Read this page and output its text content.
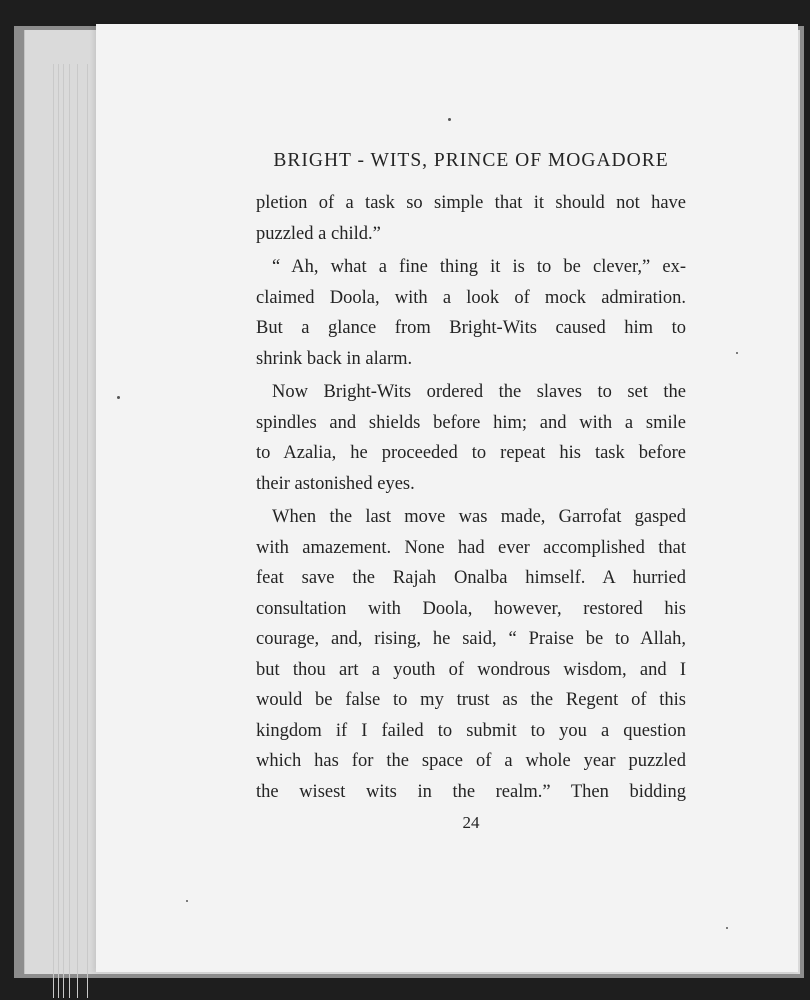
BRIGHT - WITS, PRINCE OF MOGADORE

pletion of a task so simple that it should not have

puzzled a child.”

“ Ah, what a fine thing it is to be clever,” ex-

claimed Doola, with a look of mock admiration.

But a glance from Bright-Wits caused him to

shrink back in alarm.

Now Bright-Wits ordered the slaves to set the

spindles and shields before him; and with a smile

to Azalia, he proceeded to repeat his task before

their astonished eyes.

When the last move was made, Garrofat gasped

with amazement. None had ever accomplished that

feat save the Rajah Onalba himself. A hurried

consultation with Doola, however, restored his

courage, and, rising, he said, “ Praise be to Allah,

but thou art a youth of wondrous wisdom, and I

would be false to my trust as the Regent of this

kingdom if I failed to submit to you a question

which has for the space of a whole year puzzled

the wisest wits in the realm.” Then bidding

24
